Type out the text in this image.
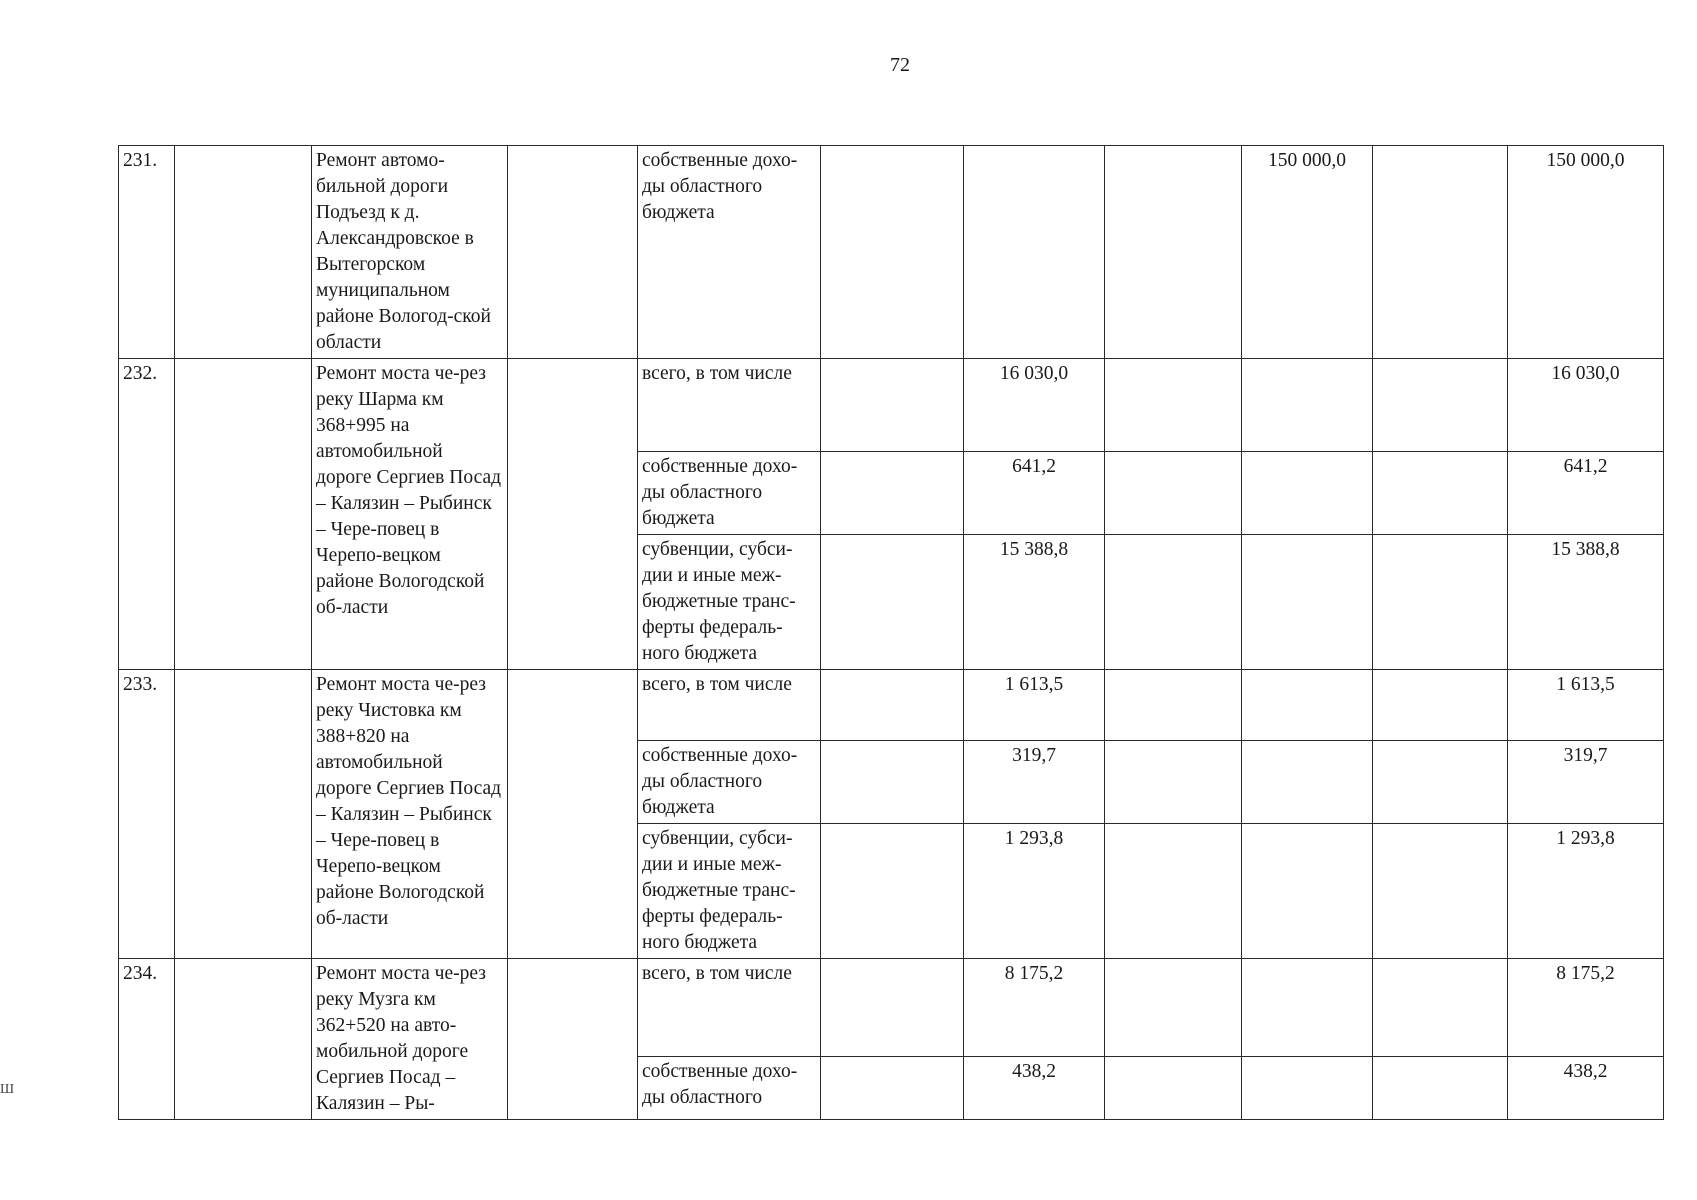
72
231.		Ремонт автомо-бильной дороги Подъезд к д. Александровское в Вытегорском муниципальном районе Вологод-ской области		собственные дохо-ды областного бюджета				150 000,0		150 000,0
232.		Ремонт моста че-рез реку Шарма км 368+995 на автомобильной дороге Сергиев Посад – Калязин – Рыбинск – Чере-повец в Черепо-вецком районе Вологодской об-ласти		всего, в том числе		16 030,0				16 030,0
				собственные дохо-ды областного бюджета		641,2				641,2
				субвенции, субси-дии и иные меж-бюджетные транс-ферты федераль-ного бюджета		15 388,8				15 388,8
233.		Ремонт моста че-рез реку Чистовка км 388+820 на автомобильной дороге Сергиев Посад – Калязин – Рыбинск – Чере-повец в Черепо-вецком районе Вологодской об-ласти		всего, в том числе		1 613,5				1 613,5
				собственные дохо-ды областного бюджета		319,7				319,7
				субвенции, субси-дии и иные меж-бюджетные транс-ферты федераль-ного бюджета		1 293,8				1 293,8
234.		Ремонт моста че-рез реку Музга км 362+520 на авто-мобильной дороге Сергиев Посад – Калязин – Ры-		всего, в том числе		8 175,2				8 175,2
				собственные дохо-ды областного		438,2				438,2
Ш
